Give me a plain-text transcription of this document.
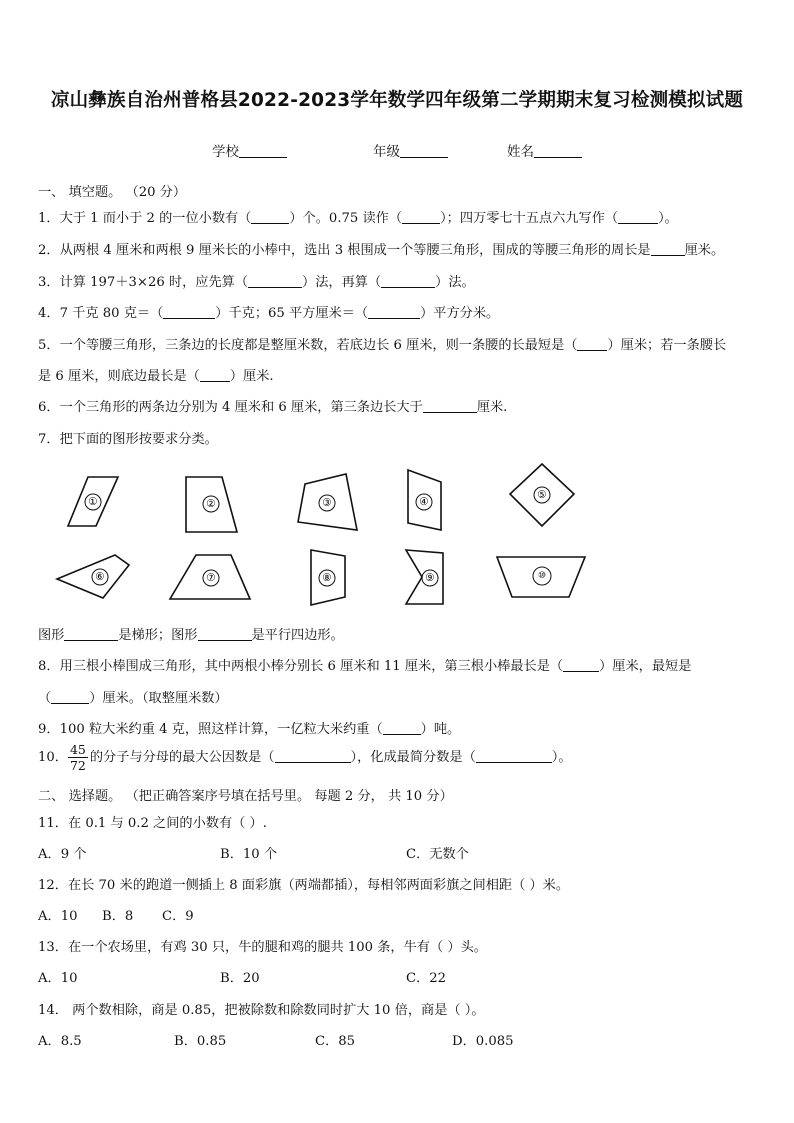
凉山彝族自治州普格县2022-2023学年数学四年级第二学期期末复习检测模拟试题
学校	年级	姓名
一、 填空题。 （20 分）
1．大于 1 而小于 2 的一位小数有（	）个。0.75 读作（	）；四万零七十五点六九写作（	）。
2．从两根 4 厘米和两根 9 厘米长的小棒中，选出 3 根围成一个等腰三角形，围成的等腰三角形的周长是	厘米。
3．计算 197＋3×26 时，应先算（	）法，再算（	）法。
4．7 千克 80 克＝（	）千克；65 平方厘米＝（	）平方分米。
5．一个等腰三角形，三条边的长度都是整厘米数，若底边长 6 厘米，则一条腰的长最短是（ ）厘米；若一条腰长
是 6 厘米，则底边最长是（ ）厘米.
6．一个三角形的两条边分别为 4 厘米和 6 厘米，第三条边长大于	厘米.
7．把下面的图形按要求分类。
①	②	③	④
⑤
⑥	⑦	⑧	⑨	⑩
图形	是梯形；图形	是平行四边形。
8．用三根小棒围成三角形，其中两根小棒分别长 6 厘米和 11 厘米，第三根小棒最长是（	）厘米，最短是
（	）厘米。（取整厘米数）
9．100 粒大米约重 4 克，照这样计算，一亿粒大米约重（	）吨。
10． $\frac{45}{72}$ 的分子与分母的最大公因数是（	），化成最简分数是（	）。
二、 选择题。 （把正确答案序号填在括号里。 每题 2 分， 共 10 分）
11．在 0.1 与 0.2 之间的小数有（ ）.
A．9 个	B．10 个	C．无数个
12．在长 70 米的跑道一侧插上 8 面彩旗（两端都插），每相邻两面彩旗之间相距（ ）米。
A．10 B．8 C．9
13．在一个农场里，有鸡 30 只，牛的腿和鸡的腿共 100 条，牛有（ ）头。
A．10	B．20	C．22
14． 两个数相除，商是 0.85，把被除数和除数同时扩大 10 倍，商是（ ）。
A．8.5	B．0.85	C．85	D．0.085
